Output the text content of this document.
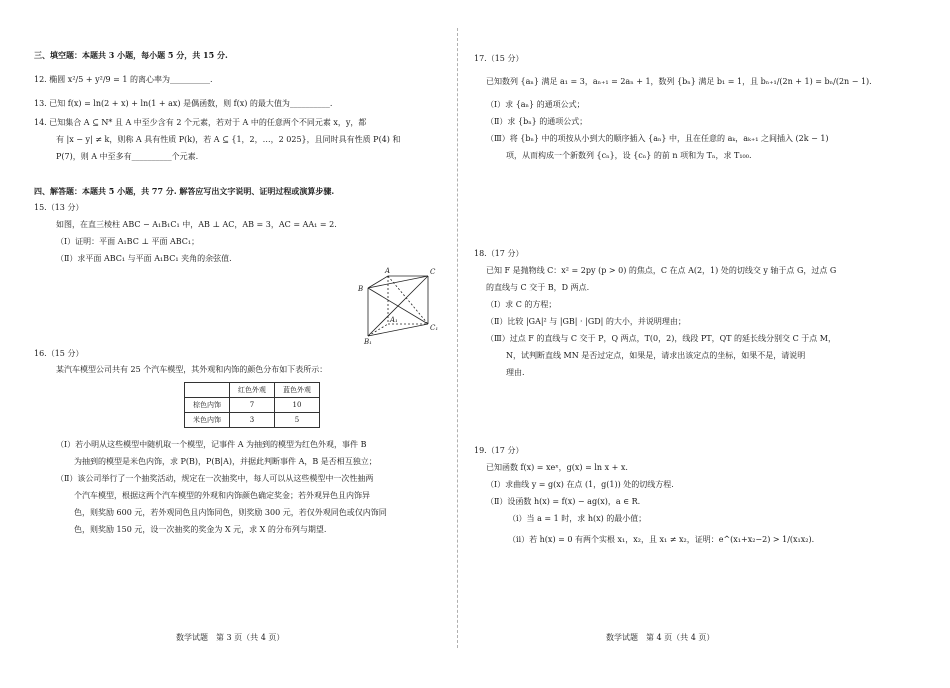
三、填空题：本题共 3 小题，每小题 5 分，共 15 分.
12. 椭圆 x²/5 + y²/9 = 1 的离心率为__________.
13. 已知 f(x) = ln(2 + x) + ln(1 + ax) 是偶函数，则 f(x) 的最大值为__________.
14. 已知集合 A ⊆ N* 且 A 中至少含有 2 个元素，若对于 A 中的任意两个不同元素 x，y，都
有 |x − y| ≠ k，则称 A 具有性质 P(k)，若 A ⊆ {1，2，…，2 025}，且同时具有性质 P(4) 和
P(7)，则 A 中至多有__________个元素.
四、解答题：本题共 5 小题，共 77 分. 解答应写出文字说明、证明过程或演算步骤.
15.（13 分）
如图，在直三棱柱 ABC − A₁B₁C₁ 中，AB ⊥ AC，AB = 3，AC = AA₁ = 2.
（Ⅰ）证明：平面 A₁BC ⊥ 平面 ABC₁；
（Ⅱ）求平面 ABC₁ 与平面 A₁BC₁ 夹角的余弦值.
A
B
C
A₁
B₁
C₁
16.（15 分）
某汽车模型公司共有 25 个汽车模型，其外观和内饰的颜色分布如下表所示：
	红色外观	蓝色外观
棕色内饰	7	10
米色内饰	3	5
（Ⅰ）若小明从这些模型中随机取一个模型，记事件 A 为抽到的模型为红色外观，事件 B
为抽到的模型是米色内饰，求 P(B)，P(B|A)，并据此判断事件 A，B 是否相互独立；
（Ⅱ）该公司举行了一个抽奖活动，规定在一次抽奖中，每人可以从这些模型中一次性抽两
个汽车模型，根据这两个汽车模型的外观和内饰颜色确定奖金；若外观异色且内饰异
色，则奖励 600 元，若外观同色且内饰同色，则奖励 300 元，若仅外观同色或仅内饰同
色，则奖励 150 元，设一次抽奖的奖金为 X 元，求 X 的分布列与期望.
数学试题　第 3 页（共 4 页）
17.（15 分）
已知数列 {aₙ} 满足 a₁ = 3，aₙ₊₁ = 2aₙ + 1，数列 {bₙ} 满足 b₁ = 1，且 bₙ₊₁/(2n + 1) = bₙ/(2n − 1).
（Ⅰ）求 {aₙ} 的通项公式；
（Ⅱ）求 {bₙ} 的通项公式；
（Ⅲ）将 {bₙ} 中的项按从小到大的顺序插入 {aₙ} 中，且在任意的 aₖ，aₖ₊₁ 之间插入 (2k − 1)
项，从而构成一个新数列 {cₙ}，设 {cₙ} 的前 n 项和为 Tₙ，求 T₁₀₀.
18.（17 分）
已知 F 是抛物线 C：x² = 2py (p > 0) 的焦点，C 在点 A(2，1) 处的切线交 y 轴于点 G，过点 G
的直线与 C 交于 B，D 两点.
（Ⅰ）求 C 的方程；
（Ⅱ）比较 |GA|² 与 |GB| · |GD| 的大小，并说明理由；
（Ⅲ）过点 F 的直线与 C 交于 P，Q 两点，T(0，2)，线段 PT，QT 的延长线分别交 C 于点 M，
N，试判断直线 MN 是否过定点，如果是，请求出该定点的坐标，如果不是，请说明
理由.
19.（17 分）
已知函数 f(x) = xeˣ，g(x) = ln x + x.
（Ⅰ）求曲线 y = g(x) 在点 (1，g(1)) 处的切线方程.
（Ⅱ）设函数 h(x) = f(x) − ag(x)，a ∈ R.
（ⅰ）当 a = 1 时，求 h(x) 的最小值；
（ⅱ）若 h(x) = 0 有两个实根 x₁，x₂，且 x₁ ≠ x₂，证明：e^(x₁+x₂−2) > 1/(x₁x₂).
数学试题　第 4 页（共 4 页）
